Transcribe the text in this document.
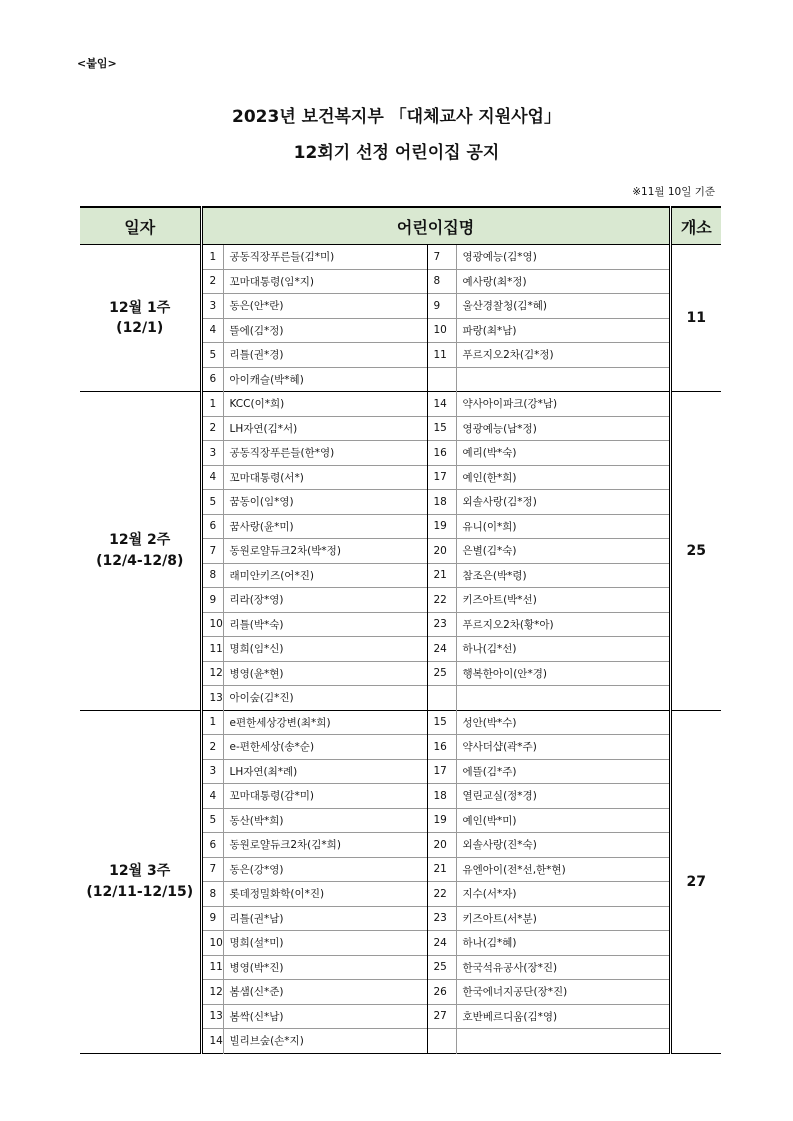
<붙임>
2023년 보건복지부 「대체교사 지원사업」
12회기 선정 어린이집 공지
※11월 10일 기준
일자	어린이집명				개소

12월 1주
(12/1)	1	공동직장푸른들(김*미)	7	영광예능(김*영)	11
	2	꼬마대통령(임*지)	8	예사랑(최*정)	
	3	동은(안*란)	9	울산경찰청(김*혜)	
	4	뜰에(김*정)	10	파랑(최*남)	
	5	리틀(권*경)	11	푸르지오2차(김*정)	
	6	아이캐슬(박*혜)			

12월 2주
(12/4-12/8)	1	KCC(이*희)	14	약사아이파크(강*남)	25
	2	LH자연(김*서)	15	영광예능(남*정)	
	3	공동직장푸른들(한*영)	16	예리(박*숙)	
	4	꼬마대통령(서*)	17	예인(한*희)	
	5	꿈동이(임*영)	18	외솔사랑(김*정)	
	6	꿈사랑(윤*미)	19	유니(이*희)	
	7	동원로얄듀크2차(박*정)	20	은별(김*숙)	
	8	래미안키즈(어*진)	21	참조은(박*령)	
	9	리라(장*영)	22	키즈아트(박*선)	
	10	리틀(박*숙)	23	푸르지오2차(황*아)	
	11	명희(임*신)	24	하나(김*선)	
	12	병영(윤*현)	25	행복한아이(안*경)	
	13	아이숲(김*진)			

12월 3주
(12/11-12/15)	1	e편한세상강변(최*희)	15	성안(박*수)	27
	2	e-편한세상(송*순)	16	약사더샵(곽*주)	
	3	LH자연(최*례)	17	에뜰(김*주)	
	4	꼬마대통령(감*미)	18	열린교실(정*경)	
	5	동산(박*희)	19	예인(박*미)	
	6	동원로얄듀크2차(김*희)	20	외솔사랑(진*숙)	
	7	동은(강*영)	21	유엔아이(전*선,한*현)	
	8	롯데정밀화학(이*진)	22	지수(서*자)	
	9	리틀(권*남)	23	키즈아트(서*분)	
	10	명희(설*미)	24	하나(김*혜)	
	11	병영(박*진)	25	한국석유공사(장*진)	
	12	봄샘(신*준)	26	한국에너지공단(장*진)	
	13	봄싹(신*남)	27	호반베르디움(김*영)	
	14	빌리브숲(손*지)			
